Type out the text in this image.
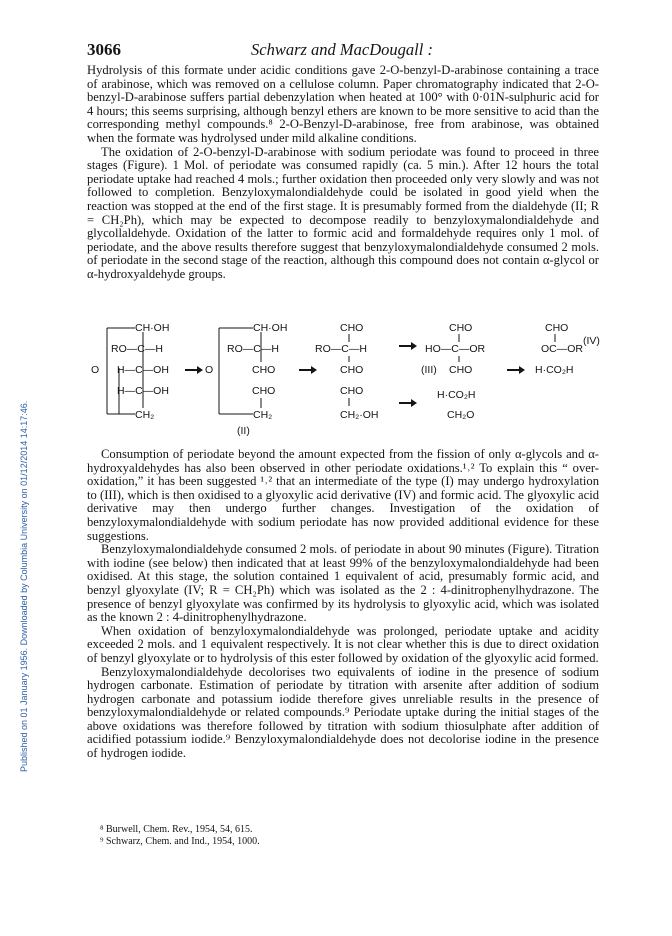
Published on 01 January 1956. Downloaded by Columbia University on 01/12/2014 14:17:46.
3066	Schwarz and MacDougall :

Hydrolysis of this formate under acidic conditions gave 2-O-benzyl-D-arabinose containing a trace of arabinose, which was removed on a cellulose column. Paper chromatography indicated that 2-O-benzyl-D-arabinose suffers partial debenzylation when heated at 100° with 0·01N-sulphuric acid for 4 hours; this seems surprising, although benzyl ethers are known to be more sensitive to acid than the corresponding methyl compounds.⁸ 2-O-Benzyl-D-arabinose, free from arabinose, was obtained when the formate was hydrolysed under mild alkaline conditions.

The oxidation of 2-O-benzyl-D-arabinose with sodium periodate was found to proceed in three stages (Figure). 1 Mol. of periodate was consumed rapidly (ca. 5 min.). After 12 hours the total periodate uptake had reached 4 mols.; further oxidation then proceeded only very slowly and was not followed to completion. Benzyloxymalondialdehyde could be isolated in good yield when the reaction was stopped at the end of the first stage. It is presumably formed from the dialdehyde (II; R = CH₂Ph), which may be expected to decompose readily to benzyloxymalondialdehyde and glycollaldehyde. Oxidation of the latter to formic acid and formaldehyde requires only 1 mol. of periodate, and the above results therefore suggest that benzyloxymalondialdehyde consumed 2 mols. of periodate in the second stage of the reaction, although this compound does not contain α-glycol or α-hydroxyaldehyde groups.

CH·OH
RO—C—H
H—C—OH
H—C—OH
CH₂
O
CH·OH
RO—C—H
CHO
CHO
CH₂
O
(II)
CHO
RO—C—H
CHO
CHO
CH₂·OH
CHO
HO—C—OR
(III) CHO
H·CO₂H
CH₂O
CHO
OC—OR
(IV)
H·CO₂H

Consumption of periodate beyond the amount expected from the fission of only α-glycols and α-hydroxyaldehydes has also been observed in other periodate oxidations.¹˒² To explain this “ over-oxidation,” it has been suggested ¹˒² that an intermediate of the type (I) may undergo hydroxylation to (III), which is then oxidised to a glyoxylic acid derivative (IV) and formic acid. The glyoxylic acid derivative may then undergo further changes. Investigation of the oxidation of benzyloxymalondialdehyde with sodium periodate has now provided additional evidence for these suggestions.

Benzyloxymalondialdehyde consumed 2 mols. of periodate in about 90 minutes (Figure). Titration with iodine (see below) then indicated that at least 99% of the benzyloxymalondialdehyde had been oxidised. At this stage, the solution contained 1 equivalent of acid, presumably formic acid, and benzyl glyoxylate (IV; R = CH₂Ph) which was isolated as the 2 : 4-dinitrophenylhydrazone. The presence of benzyl glyoxylate was confirmed by its hydrolysis to glyoxylic acid, which was isolated as the known 2 : 4-dinitrophenylhydrazone.

When oxidation of benzyloxymalondialdehyde was prolonged, periodate uptake and acidity exceeded 2 mols. and 1 equivalent respectively. It is not clear whether this is due to direct oxidation of benzyl glyoxylate or to hydrolysis of this ester followed by oxidation of the glyoxylic acid formed.

Benzyloxymalondialdehyde decolorises two equivalents of iodine in the presence of sodium hydrogen carbonate. Estimation of periodate by titration with arsenite after addition of sodium hydrogen carbonate and potassium iodide therefore gives unreliable results in the presence of benzyloxymalondialdehyde or related compounds.⁹ Periodate uptake during the initial stages of the above oxidations was therefore followed by titration with sodium thiosulphate after addition of acidified potassium iodide.⁹ Benzyloxymalondialdehyde does not decolorise iodine in the presence of hydrogen iodide.

⁸ Burwell, Chem. Rev., 1954, 54, 615.
⁹ Schwarz, Chem. and Ind., 1954, 1000.
